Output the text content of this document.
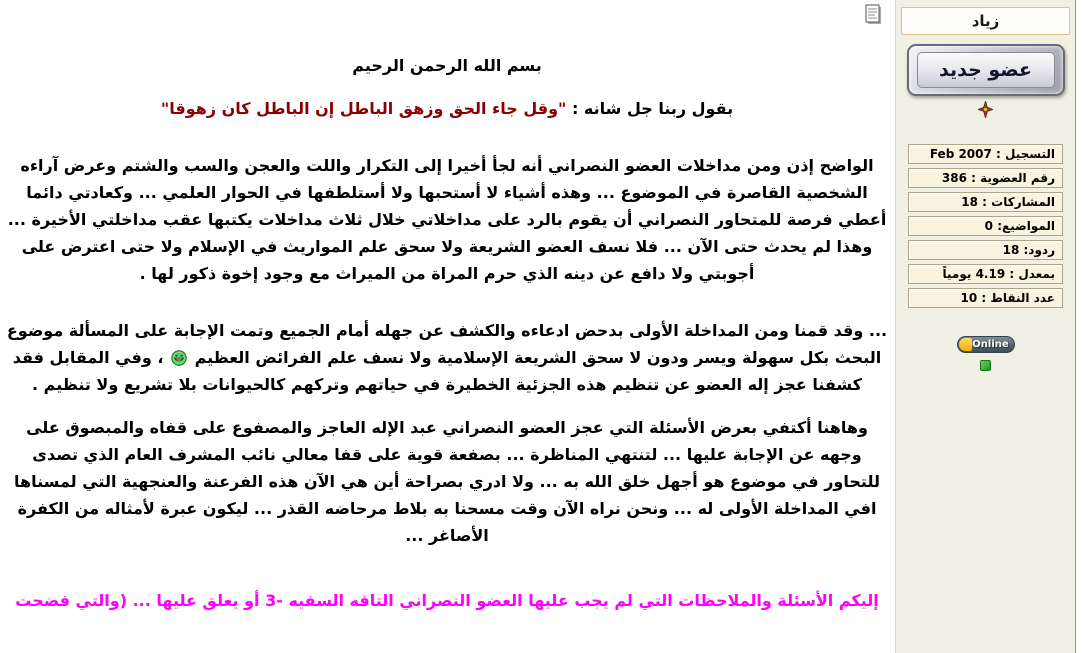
بسم الله الرحمن الرحيم
بقول ربنا جل شانه : "وقل جاء الحق وزهق الباطل إن الباطل كان زهوقا"
الواضح إذن ومن مداخلات العضو النصراني أنه لجأ أخيرا إلى التكرار واللت والعجن والسب والشتم وعرض آراءه الشخصية القاصرة في الموضوع ... وهذه أشياء لا أستحبها ولا أستلطفها في الحوار العلمي ... وكعادتي دائما أعطي فرصة للمتحاور النصراني أن يقوم بالرد على مداخلاتي خلال ثلاث مداخلات يكتبها عقب مداخلتي الأخيرة ... وهذا لم يحدث حتى الآن ... فلا نسف العضو الشريعة ولا سحق علم المواريث في الإسلام ولا حتى اعترض على أجوبتي ولا دافع عن دينه الذي حرم المراة من الميراث مع وجود إخوة ذكور لها .
... وقد قمنا ومن المداخلة الأولى بدحض ادعاءه والكشف عن جهله أمام الجميع وتمت الإجابة على المسألة موضوع البحث بكل سهولة ويسر ودون لا سحق الشريعة الإسلامية ولا نسف علم الفرائض العظيم  ، وفي المقابل فقد كشفنا عجز إله العضو عن تنظيم هذه الجزئية الخطيرة في حياتهم وتركهم كالحيوانات بلا تشريع ولا تنظيم .
وهاهنا أكتفي بعرض الأسئلة التي عجز العضو النصراني عبد الإله العاجز والمصفوع على قفاه والمبصوق على وجهه عن الإجابة عليها ... لتنتهي المناظرة ... بصفعة قوية على قفا معالي نائب المشرف العام الذي تصدى للتحاور في موضوع هو أجهل خلق الله به ... ولا ادري بصراحة أين هي الآن هذه الفرعنة والعنجهية التي لمسناها افي المداخلة الأولى له ... ونحن نراه الآن وقت مسحنا به بلاط مرحاضه القذر ... ليكون عبرة لأمثاله من الكفرة الأصاغر ...
إليكم الأسئلة والملاحظات التي لم يجب عليها العضو النصراني التافه السفيه -3 أو يعلق عليها ... (والتي فضحت
زياد
عضو جديد
التسجيل : Feb 2007
رقم العضوية : 386
المشاركات : 18
المواضيع: 0
ردود: 18
بمعدل : 4.19 يومياً
عدد النقاط : 10
Online
